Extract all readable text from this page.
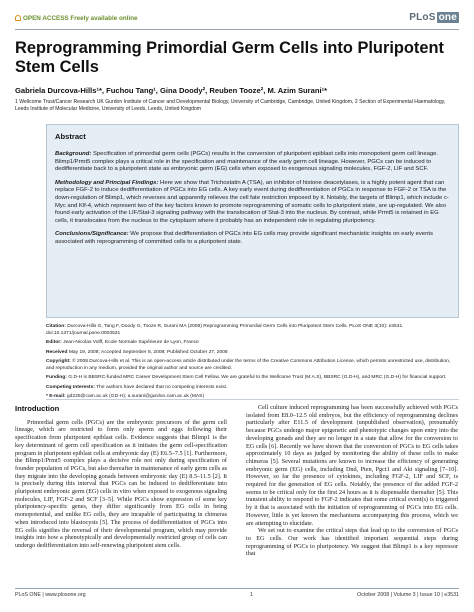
OPEN ACCESS Freely available online	PLoS one
Reprogramming Primordial Germ Cells into Pluripotent Stem Cells
Gabriela Durcova-Hills¹*, Fuchou Tang¹, Gina Doody², Reuben Tooze², M. Azim Surani¹*
1 Wellcome Trust/Cancer Research UK Gurdon Institute of Cancer and Developmental Biology, University of Cambridge, Cambridge, United Kingdom, 2 Section of Experimental Haematology, Leeds Institute of Molecular Medicine, University of Leeds, Leeds, United Kingdom
Abstract

Background: Specification of primordial germ cells (PGCs) results in the conversion of pluripotent epiblast cells into monopotent germ cell lineage. Blimp1/Prmt5 complex plays a critical role in the specification and maintenance of the early germ cell lineage. However, PGCs can be induced to dedifferentiate back to a pluripotent state as embryonic germ (EG) cells when exposed to exogenous signaling molecules, FGF-2, LIF and SCF.

Methodology and Principal Findings: Here we show that Trichostatin A (TSA), an inhibitor of histone deacetylases, is a highly potent agent that can replace FGF-2 to induce dedifferentiation of PGCs into EG cells. A key early event during dedifferentiation of PGCs in response to FGF-2 or TSA is the down-regulation of Blimp1, which reverses and apparently relieves the cell fate restriction imposed by it. Notably, the targets of Blimp1, which include c-Myc and Klf-4, which represent two of the key factors known to promote reprogramming of somatic cells to pluripotent state, are up-regulated. We also found early activation of the LIF/Stat-3 signaling pathway with the translocation of Stat-3 into the nucleus. By contrast, while Prmt5 is retained in EG cells, it translocates from the nucleus to the cytoplasm where it probably has an independent role in regulating pluripotency.

Conclusions/Significance: We propose that dedifferentiation of PGCs into EG cells may provide significant mechanistic insights on early events associated with reprogramming of committed cells to a pluripotent state.

Citation: Durcova-Hills G, Tang F, Doody G, Tooze R, Surani MA (2008) Reprogramming Primordial Germ Cells into Pluripotent Stem Cells. PLoS ONE 3(10): e3531. doi:10.1371/journal.pone.0003531

Editor: Jean-Nicolas Volff, Ecole Normale Supérieure de Lyon, France

Received May 19, 2008; Accepted September 8, 2008; Published October 27, 2008

Copyright: © 2008 Durcova-Hills et al. This is an open-access article distributed under the terms of the Creative Commons Attribution License, which permits unrestricted use, distribution, and reproduction in any medium, provided the original author and source are credited.

Funding: G.D-H is BBSRC-funded MRC Career Development Stem Cell Fellow. We are grateful to the Wellcome Trust (M.A.S), BBSRC (G.D-H), and MRC (G.D-H) for financial support.

Competing Interests: The authors have declared that no competing interests exist.

* E-mail: gd225@cam.ac.uk (GD-H); a.surani@gurdon.cam.ac.uk (MAS)

Introduction

Primordial germ cells (PGCs) are the embryonic precursors of the germ cell lineage, which are restricted to form only sperm and eggs following their specification from pluripotent epiblast cells. Evidence suggests that Blimp1 is the key determinant of germ cell specification as it initiates the germ cell-specification program in pluripotent epiblast cells at embryonic day (E) E6.5–7.5 [1]. Furthermore, the Blimp1/Prmt5 complex plays a decisive role not only during specification of founder population of PGCs, but also thereafter in maintenance of early germ cells as they migrate into the developing gonads between embryonic day (E) 8.5–11.5 [2]. It is precisely during this interval that PGCs can be induced to dedifferentiate into pluripotent embryonic germ (EG) cells in vitro when exposed to exogenous signaling molecules, LIF, FGF-2 and SCF [3–5]. While PGCs show expression of some key pluripotency-specific genes, they differ significantly from EG cells in being monopotential, and unlike EG cells, they are incapable of participating in chimeras when introduced into blastocysts [5]. The process of dedifferentiation of PGCs into EG cells signifies the reversal of their developmental program, which may provide insights into how a phenotypically and developmentally restricted group of cells can undergo dedifferentiation into self-renewing pluripotent stem cells.

Cell culture induced reprogramming has been successfully achieved with PGCs isolated from E8.0–12.5 old embryos, but the efficiency of reprogramming declines particularly after E11.5 of development (unpublished observation), presumably because PGCs undergo major epigenetic and phenotypic changes upon entry into the developing gonads and they are no longer in a state that allow for the conversion to EG cells [6]. Recently we have shown that the conversion of PGCs to EG cells takes approximately 10 days as judged by monitoring the ability of these cells to make chimeras [5]. Several mutations are known to increase the efficiency of generating embryonic germ (EG) cells, including Dnd, Pten, Pgct1 and Akt signaling [7–10]. However, so far the presence of cytokines, including FGF-2, LIF and SCF, is required for the generation of EG cells. Notably, the presence of the added FGF-2 seems to be critical only for the first 24 hours as it is dispensable thereafter [5]. This transient ability to respond to FGF-2 indicates that some critical event(s) is triggered by it that is associated with the initiation of reprogramming of PGCs into EG cells. However, little is yet known the mechanisms accompanying this process, which we are attempting to elucidate.

We set out to examine the critical steps that lead up to the conversion of PGCs to EG cells. Our work has identified important sequential steps during reprogramming of PGCs to pluripotency. We suggest that Blimp1 is a key repressor that

PLoS ONE | www.plosone.org	1	October 2008 | Volume 3 | Issue 10 | e3531
